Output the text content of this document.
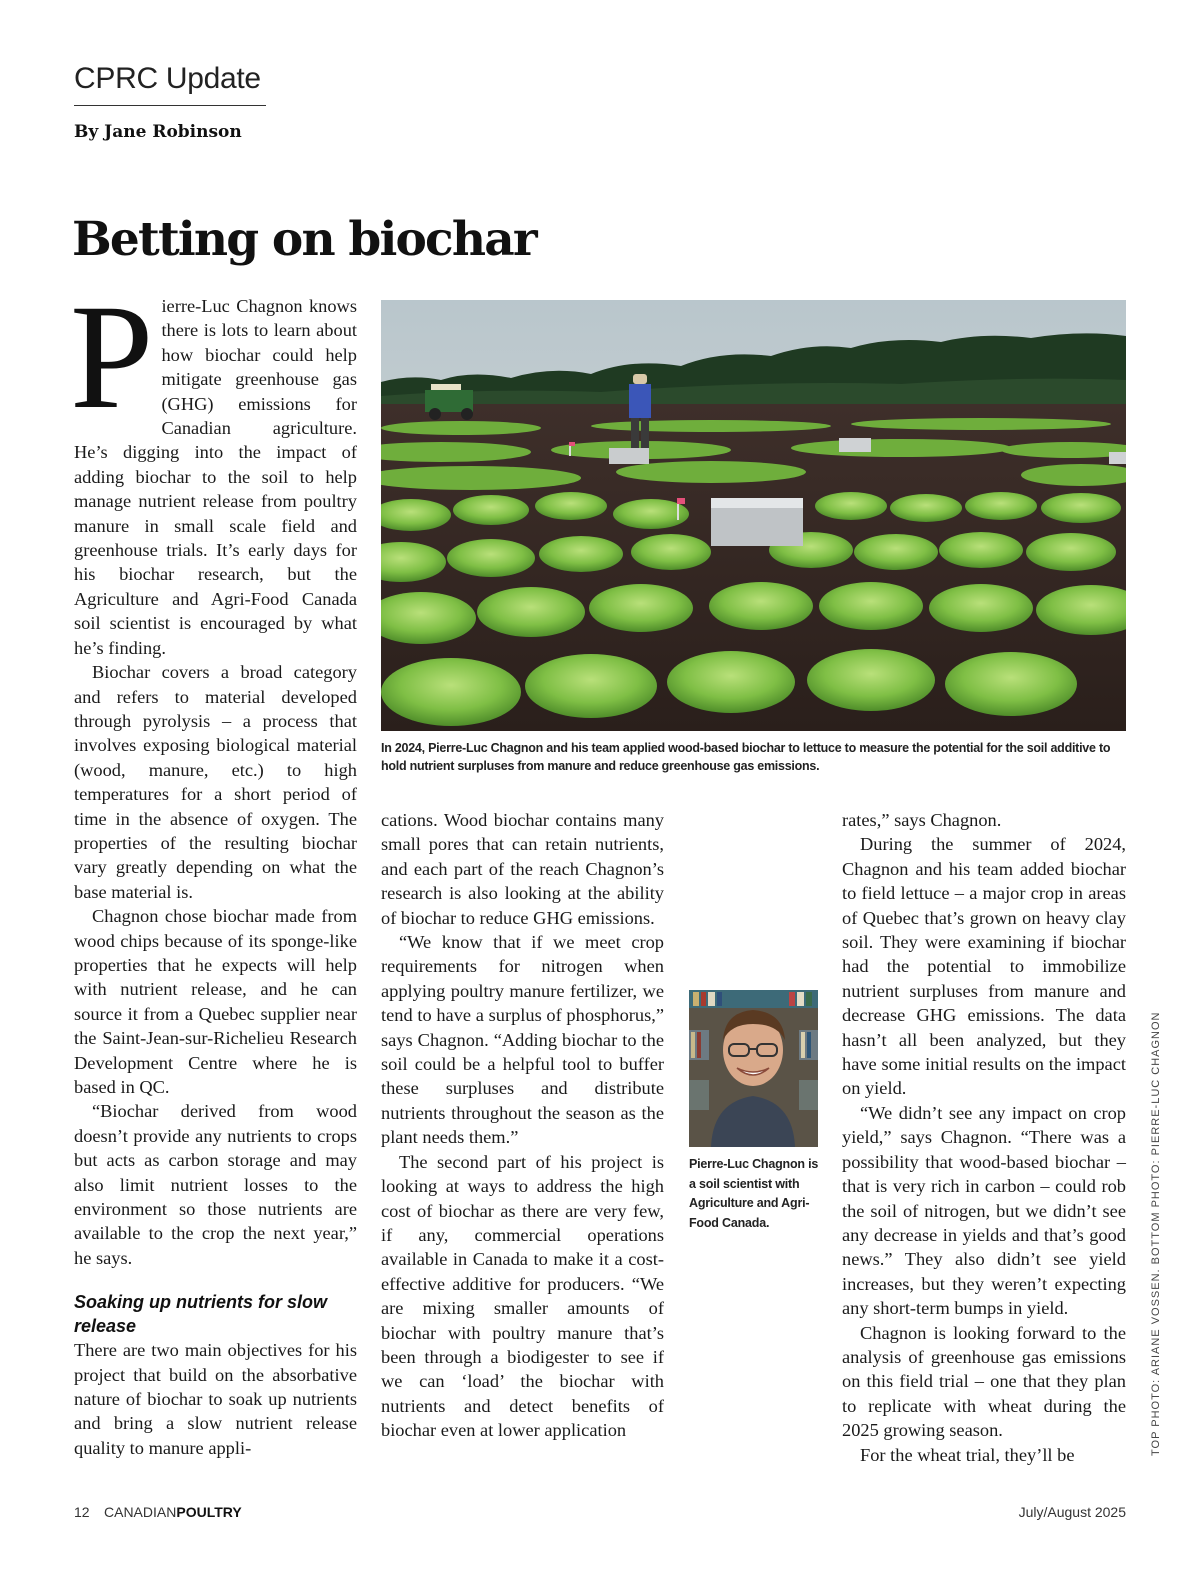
CPRC Update
By Jane Robinson
Betting on biochar

Pierre-Luc Chagnon knows there is lots to learn about how biochar could help mitigate greenhouse gas (GHG) emissions for Canadian agriculture. He’s digging into the impact of adding biochar to the soil to help manage nutrient release from poultry manure in small scale field and greenhouse trials. It’s early days for his biochar research, but the Agriculture and Agri-Food Canada soil scientist is encouraged by what he’s finding.

Biochar covers a broad category and refers to material developed through pyrolysis – a process that involves exposing biological material (wood, manure, etc.) to high temperatures for a short period of time in the absence of oxygen. The properties of the resulting biochar vary greatly depending on what the base material is.

Chagnon chose biochar made from wood chips because of its sponge-like properties that he expects will help with nutrient release, and he can source it from a Quebec supplier near the Saint-Jean-sur-Richelieu Research Development Centre where he is based in QC.

“Biochar derived from wood doesn’t provide any nutrients to crops but acts as carbon storage and may also limit nutrient losses to the environment so those nutrients are available to the crop the next year,” he says.

Soaking up nutrients for slow release

There are two main objectives for his project that build on the absorbative nature of biochar to soak up nutrients and bring a slow nutrient release quality to manure appli-

In 2024, Pierre-Luc Chagnon and his team applied wood-based biochar to lettuce to measure the potential for the soil additive to hold nutrient surpluses from manure and reduce greenhouse gas emissions.

cations. Wood biochar contains many small pores that can retain nutrients, and each part of the reach Chagnon’s research is also looking at the ability of biochar to reduce GHG emissions.

“We know that if we meet crop requirements for nitrogen when applying poultry manure fertilizer, we tend to have a surplus of phosphorus,” says Chagnon. “Adding biochar to the soil could be a helpful tool to buffer these surpluses and distribute nutrients throughout the season as the plant needs them.”

The second part of his project is looking at ways to address the high cost of biochar as there are very few, if any, commercial operations available in Canada to make it a cost-effective additive for producers. “We are mixing smaller amounts of biochar with poultry manure that’s been through a biodigester to see if we can ‘load’ the biochar with nutrients and detect benefits of biochar even at lower application

Pierre-Luc Chagnon is a soil scientist with Agriculture and Agri-Food Canada.

rates,” says Chagnon.

During the summer of 2024, Chagnon and his team added biochar to field lettuce – a major crop in areas of Quebec that’s grown on heavy clay soil. They were examining if biochar had the potential to immobilize nutrient surpluses from manure and decrease GHG emissions. The data hasn’t all been analyzed, but they have some initial results on the impact on yield.

“We didn’t see any impact on crop yield,” says Chagnon. “There was a possibility that wood-based biochar – that is very rich in carbon – could rob the soil of nitrogen, but we didn’t see any decrease in yields and that’s good news.” They also didn’t see yield increases, but they weren’t expecting any short-term bumps in yield.

Chagnon is looking forward to the analysis of greenhouse gas emissions on this field trial – one that they plan to replicate with wheat during the 2025 growing season.

For the wheat trial, they’ll be	TOP PHOTO: ARIANE VOSSEN. BOTTOM PHOTO: PIERRE-LUC CHAGNON
12 CANADIANPOULTRY	July/August 2025
